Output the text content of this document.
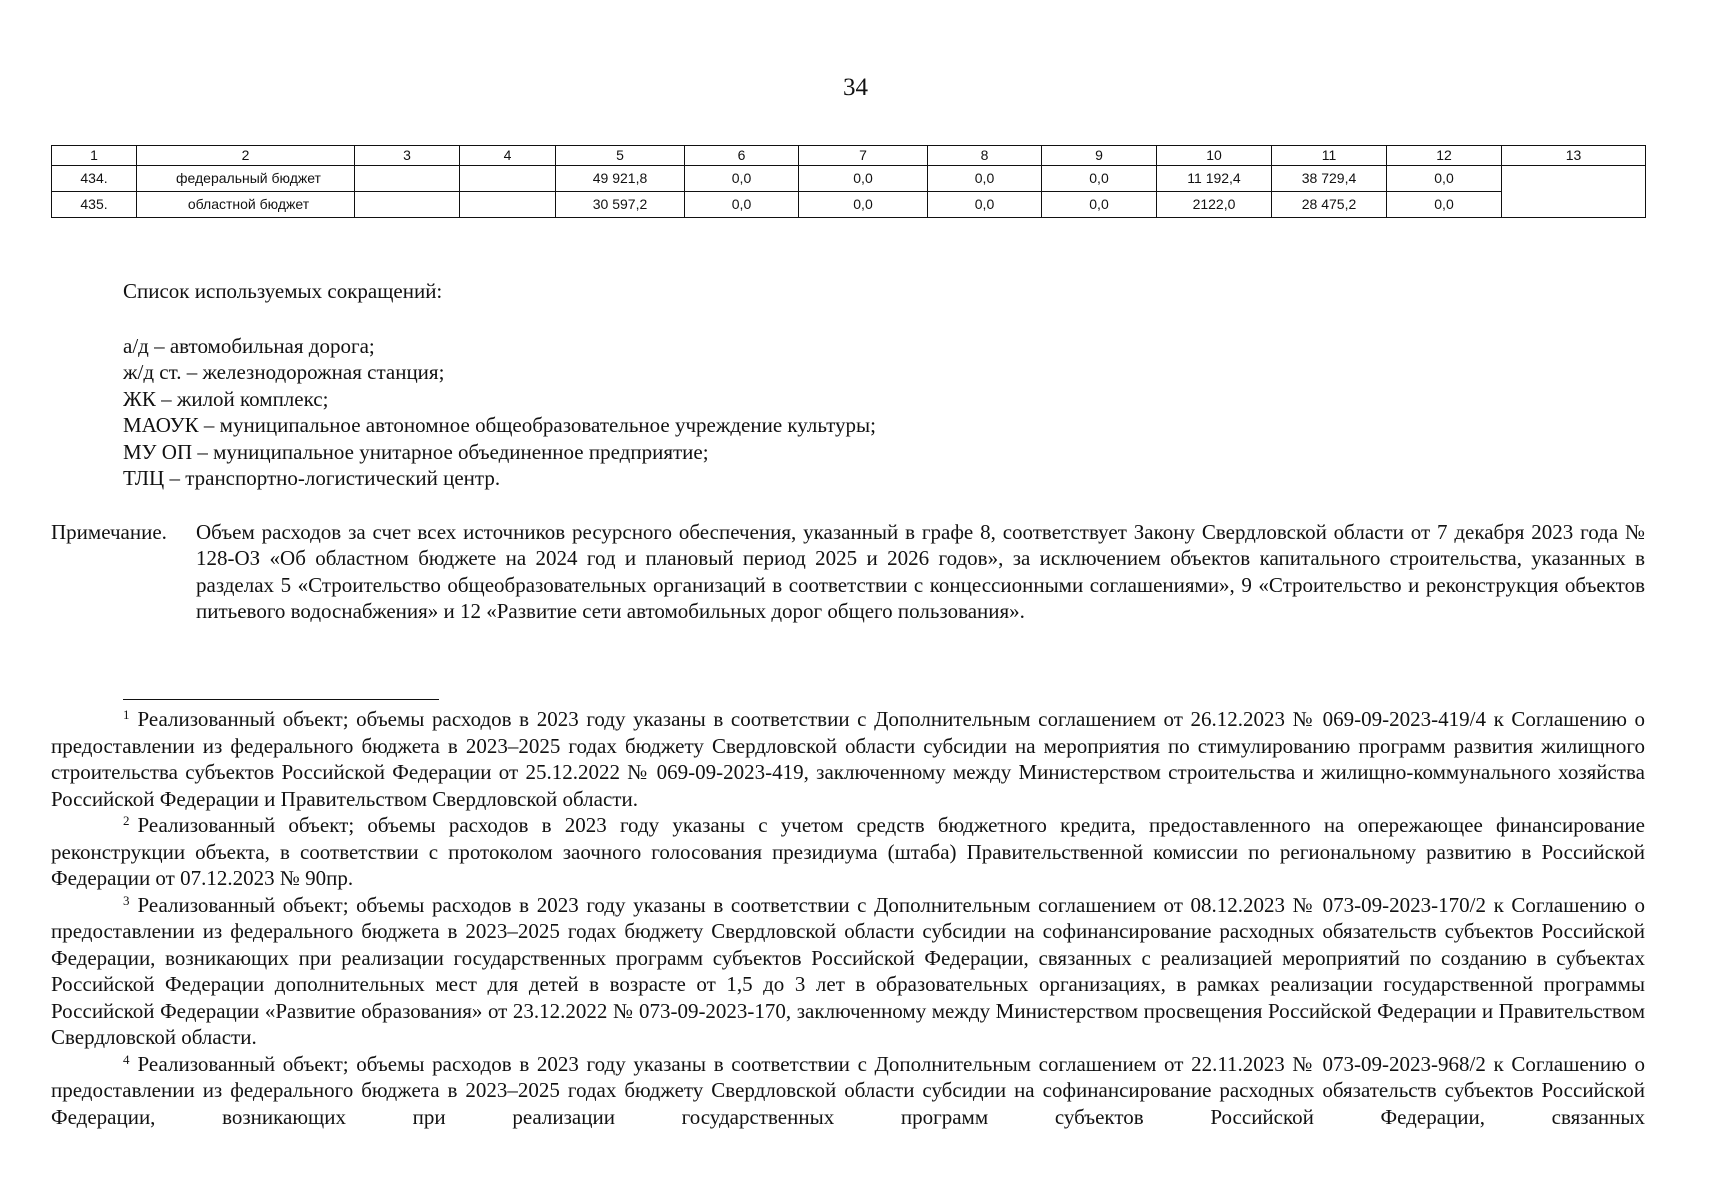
34
1	2	3	4	5	6	7	8	9	10	11	12	13
434.	федеральный бюджет			49 921,8	0,0	0,0	0,0	0,0	11 192,4	38 729,4	0,0	
435.	областной бюджет			30 597,2	0,0	0,0	0,0	0,0	2122,0	28 475,2	0,0	
Список используемых сокращений:
а/д – автомобильная дорога;
ж/д ст. – железнодорожная станция;
ЖК – жилой комплекс;
МАОУК – муниципальное автономное общеобразовательное учреждение культуры;
МУ ОП – муниципальное унитарное объединенное предприятие;
ТЛЦ – транспортно-логистический центр.
Примечание. Объем расходов за счет всех источников ресурсного обеспечения, указанный в графе 8, соответствует Закону Свердловской области от 7 декабря 2023 года № 128-ОЗ «Об областном бюджете на 2024 год и плановый период 2025 и 2026 годов», за исключением объектов капитального строительства, указанных в разделах 5 «Строительство общеобразовательных организаций в соответствии с концессионными соглашениями», 9 «Строительство и реконструкция объектов питьевого водоснабжения» и 12 «Развитие сети автомобильных дорог общего пользования».
$^1$ Реализованный объект; объемы расходов в 2023 году указаны в соответствии с Дополнительным соглашением от 26.12.2023 № 069-09-2023-419/4 к Соглашению о предоставлении из федерального бюджета в 2023–2025 годах бюджету Свердловской области субсидии на мероприятия по стимулированию программ развития жилищного строительства субъектов Российской Федерации от 25.12.2022 № 069-09-2023-419, заключенному между Министерством строительства и жилищно-коммунального хозяйства Российской Федерации и Правительством Свердловской области.
$^2$ Реализованный объект; объемы расходов в 2023 году указаны с учетом средств бюджетного кредита, предоставленного на опережающее финансирование реконструкции объекта, в соответствии с протоколом заочного голосования президиума (штаба) Правительственной комиссии по региональному развитию в Российской Федерации от 07.12.2023 № 90пр.
$^3$ Реализованный объект; объемы расходов в 2023 году указаны в соответствии с Дополнительным соглашением от 08.12.2023 № 073-09-2023-170/2 к Соглашению о предоставлении из федерального бюджета в 2023–2025 годах бюджету Свердловской области субсидии на софинансирование расходных обязательств субъектов Российской Федерации, возникающих при реализации государственных программ субъектов Российской Федерации, связанных с реализацией мероприятий по созданию в субъектах Российской Федерации дополнительных мест для детей в возрасте от 1,5 до 3 лет в образовательных организациях, в рамках реализации государственной программы Российской Федерации «Развитие образования» от 23.12.2022 № 073-09-2023-170, заключенному между Министерством просвещения Российской Федерации и Правительством Свердловской области.
$^4$ Реализованный объект; объемы расходов в 2023 году указаны в соответствии с Дополнительным соглашением от 22.11.2023 № 073-09-2023-968/2 к Соглашению о предоставлении из федерального бюджета в 2023–2025 годах бюджету Свердловской области субсидии на софинансирование расходных обязательств субъектов Российской Федерации, возникающих при реализации государственных программ субъектов Российской Федерации, связанных
